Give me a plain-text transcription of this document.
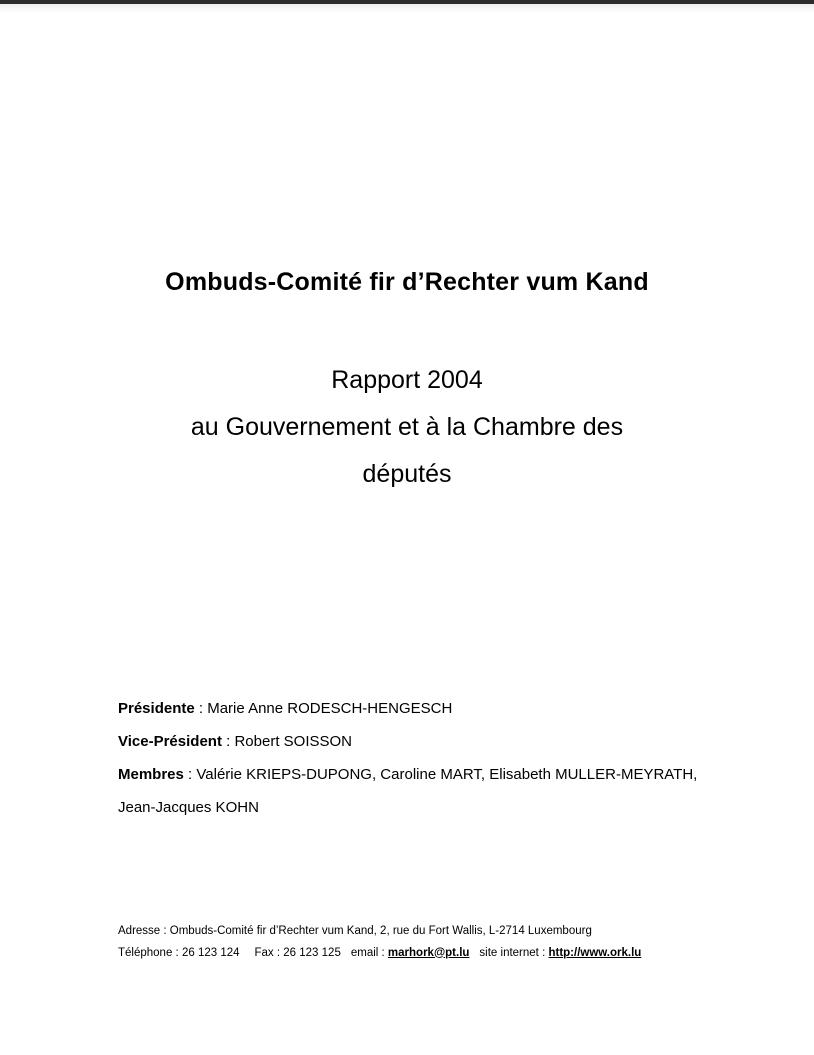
Ombuds-Comité fir d’Rechter vum Kand
Rapport 2004
au Gouvernement et à la Chambre des
députés

Présidente : Marie Anne RODESCH-HENGESCH

Vice-Président : Robert SOISSON

Membres : Valérie KRIEPS-DUPONG, Caroline MART, Elisabeth MULLER-MEYRATH, Jean-Jacques KOHN

Adresse : Ombuds-Comité fir d’Rechter vum Kand, 2, rue du Fort Wallis, L-2714 Luxembourg

Téléphone : 26 123 124 Fax : 26 123 125 email : marhork@pt.lu site internet : http://www.ork.lu
